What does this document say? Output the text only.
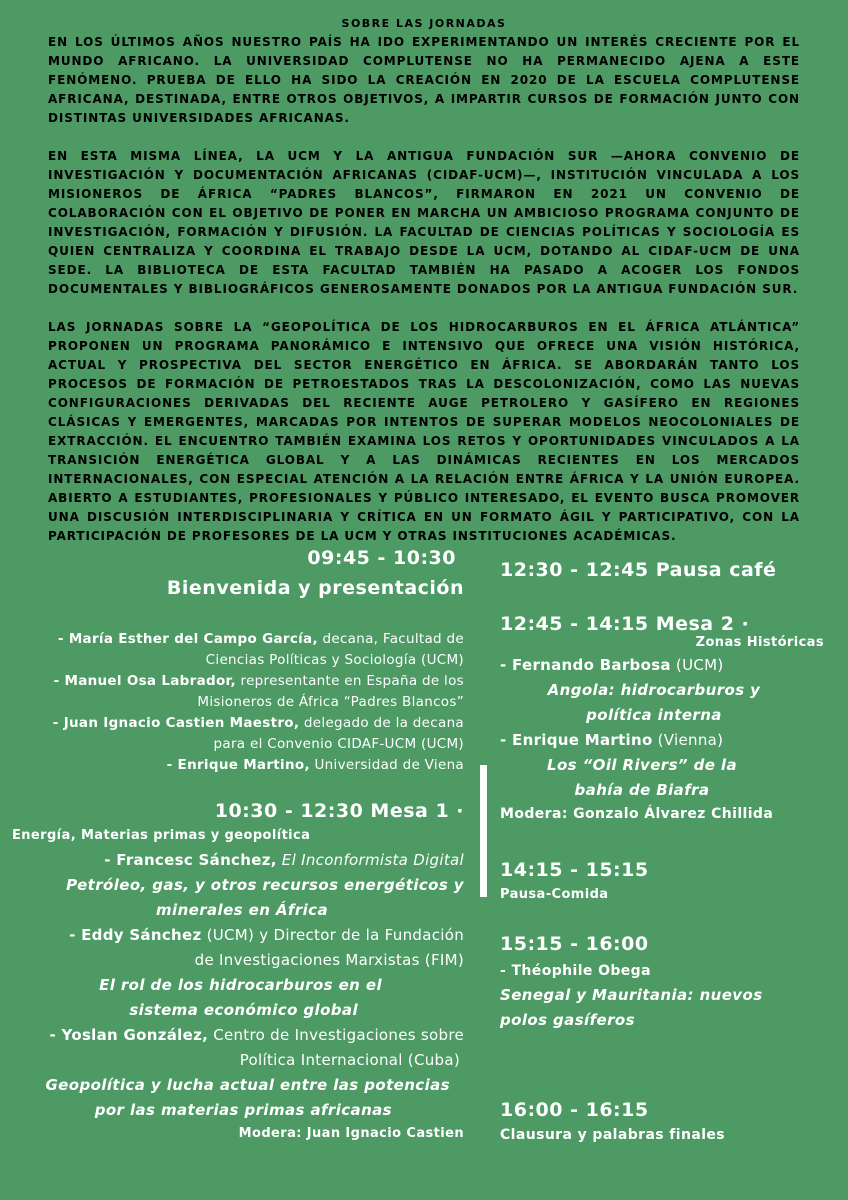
SOBRE LAS JORNADAS

EN LOS ÚLTIMOS AÑOS NUESTRO PAÍS HA IDO EXPERIMENTANDO UN INTERÉS CRECIENTE POR EL MUNDO AFRICANO. LA UNIVERSIDAD COMPLUTENSE NO HA PERMANECIDO AJENA A ESTE FENÓMENO. PRUEBA DE ELLO HA SIDO LA CREACIÓN EN 2020 DE LA ESCUELA COMPLUTENSE AFRICANA, DESTINADA, ENTRE OTROS OBJETIVOS, A IMPARTIR CURSOS DE FORMACIÓN JUNTO CON DISTINTAS UNIVERSIDADES AFRICANAS.

EN ESTA MISMA LÍNEA, LA UCM Y LA ANTIGUA FUNDACIÓN SUR —AHORA CONVENIO DE INVESTIGACIÓN Y DOCUMENTACIÓN AFRICANAS (CIDAF-UCM)—, INSTITUCIÓN VINCULADA A LOS MISIONEROS DE ÁFRICA “PADRES BLANCOS”, FIRMARON EN 2021 UN CONVENIO DE COLABORACIÓN CON EL OBJETIVO DE PONER EN MARCHA UN AMBICIOSO PROGRAMA CONJUNTO DE INVESTIGACIÓN, FORMACIÓN Y DIFUSIÓN. LA FACULTAD DE CIENCIAS POLÍTICAS Y SOCIOLOGÍA ES QUIEN CENTRALIZA Y COORDINA EL TRABAJO DESDE LA UCM, DOTANDO AL CIDAF-UCM DE UNA SEDE. LA BIBLIOTECA DE ESTA FACULTAD TAMBIÉN HA PASADO A ACOGER LOS FONDOS DOCUMENTALES Y BIBLIOGRÁFICOS GENEROSAMENTE DONADOS POR LA ANTIGUA FUNDACIÓN SUR.

LAS JORNADAS SOBRE LA “GEOPOLÍTICA DE LOS HIDROCARBUROS EN EL ÁFRICA ATLÁNTICA” PROPONEN UN PROGRAMA PANORÁMICO E INTENSIVO QUE OFRECE UNA VISIÓN HISTÓRICA, ACTUAL Y PROSPECTIVA DEL SECTOR ENERGÉTICO EN ÁFRICA. SE ABORDARÁN TANTO LOS PROCESOS DE FORMACIÓN DE PETROESTADOS TRAS LA DESCOLONIZACIÓN, COMO LAS NUEVAS CONFIGURACIONES DERIVADAS DEL RECIENTE AUGE PETROLERO Y GASÍFERO EN REGIONES CLÁSICAS Y EMERGENTES, MARCADAS POR INTENTOS DE SUPERAR MODELOS NEOCOLONIALES DE EXTRACCIÓN. EL ENCUENTRO TAMBIÉN EXAMINA LOS RETOS Y OPORTUNIDADES VINCULADOS A LA TRANSICIÓN ENERGÉTICA GLOBAL Y A LAS DINÁMICAS RECIENTES EN LOS MERCADOS INTERNACIONALES, CON ESPECIAL ATENCIÓN A LA RELACIÓN ENTRE ÁFRICA Y LA UNIÓN EUROPEA. ABIERTO A ESTUDIANTES, PROFESIONALES Y PÚBLICO INTERESADO, EL EVENTO BUSCA PROMOVER UNA DISCUSIÓN INTERDISCIPLINARIA Y CRÍTICA EN UN FORMATO ÁGIL Y PARTICIPATIVO, CON LA PARTICIPACIÓN DE PROFESORES DE LA UCM Y OTRAS INSTITUCIONES ACADÉMICAS.

09:45 - 10:30
Bienvenida y presentación
- María Esther del Campo García, decana, Facultad de
Ciencias Políticas y Sociología (UCM)
- Manuel Osa Labrador, representante en España de los
Misioneros de África “Padres Blancos”
- Juan Ignacio Castien Maestro, delegado de la decana
para el Convenio CIDAF-UCM (UCM)
- Enrique Martino, Universidad de Viena
10:30 - 12:30 Mesa 1 ·
Energía, Materias primas y geopolítica
- Francesc Sánchez, El Inconformista Digital
Petróleo, gas, y otros recursos energéticos y
minerales en África
- Eddy Sánchez (UCM) y Director de la Fundación
de Investigaciones Marxistas (FIM)
El rol de los hidrocarburos en el
sistema económico global
- Yoslan González, Centro de Investigaciones sobre
Política Internacional (Cuba)
Geopolítica y lucha actual entre las potencias
por las materias primas africanas
Modera: Juan Ignacio Castien
12:30 - 12:45 Pausa café
12:45 - 14:15 Mesa 2 ·
Zonas Históricas
- Fernando Barbosa (UCM)
Angola: hidrocarburos y
política interna
- Enrique Martino (Vienna)
Los “Oil Rivers” de la
bahía de Biafra
Modera: Gonzalo Álvarez Chillida
14:15 - 15:15
Pausa-Comida
15:15 - 16:00
- Théophile Obega
Senegal y Mauritania: nuevos
polos gasíferos
16:00 - 16:15
Clausura y palabras finales
